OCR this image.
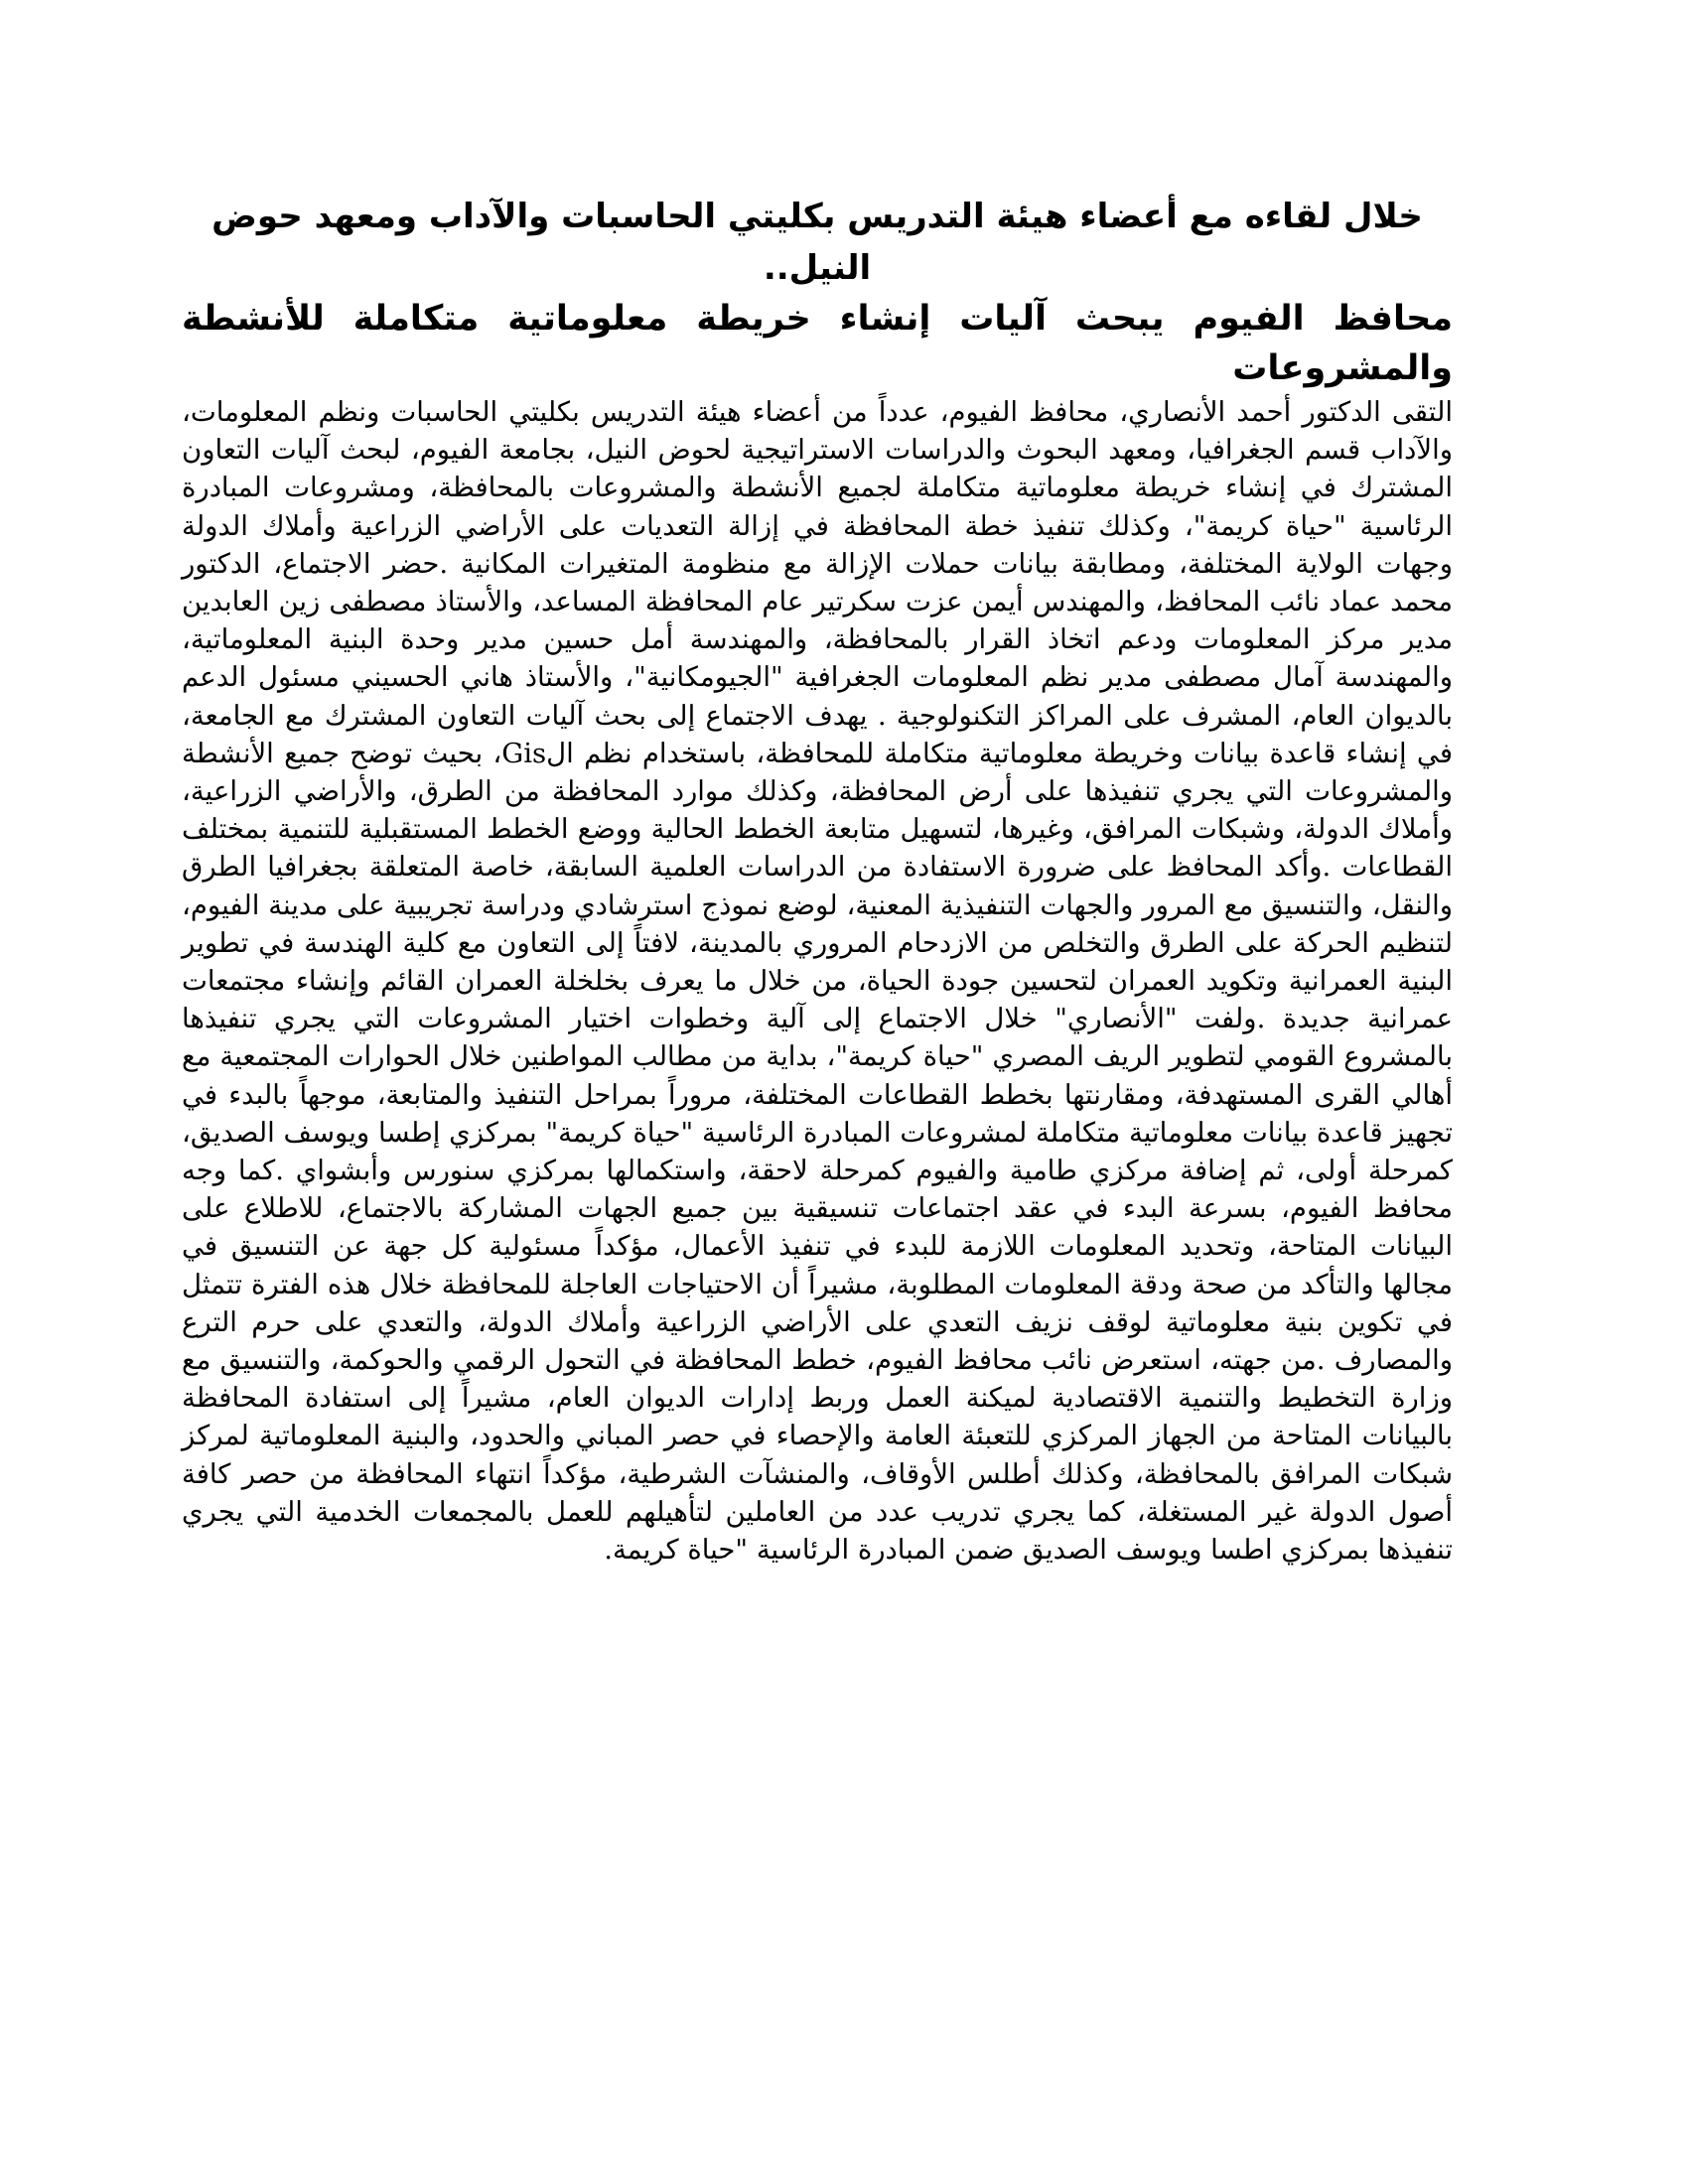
خلال لقاءه مع أعضاء هيئة التدريس بكليتي الحاسبات والآداب ومعهد حوض النيل..
محافظ الفيوم يبحث آليات إنشاء خريطة معلوماتية متكاملة للأنشطة والمشروعات

التقى الدكتور أحمد الأنصاري، محافظ الفيوم، عدداً من أعضاء هيئة التدريس بكليتي الحاسبات ونظم المعلومات، والآداب قسم الجغرافيا، ومعهد البحوث والدراسات الاستراتيجية لحوض النيل، بجامعة الفيوم، لبحث آليات التعاون المشترك في إنشاء خريطة معلوماتية متكاملة لجميع الأنشطة والمشروعات بالمحافظة، ومشروعات المبادرة الرئاسية "حياة كريمة"، وكذلك تنفيذ خطة المحافظة في إزالة التعديات على الأراضي الزراعية وأملاك الدولة وجهات الولاية المختلفة، ومطابقة بيانات حملات الإزالة مع منظومة المتغيرات المكانية .حضر الاجتماع، الدكتور محمد عماد نائب المحافظ، والمهندس أيمن عزت سكرتير عام المحافظة المساعد، والأستاذ مصطفى زين العابدين مدير مركز المعلومات ودعم اتخاذ القرار بالمحافظة، والمهندسة أمل حسين مدير وحدة البنية المعلوماتية، والمهندسة آمال مصطفى مدير نظم المعلومات الجغرافية "الجيومكانية"، والأستاذ هاني الحسيني مسئول الدعم بالديوان العام، المشرف على المراكز التكنولوجية . يهدف الاجتماع إلى بحث آليات التعاون المشترك مع الجامعة، في إنشاء قاعدة بيانات وخريطة معلوماتية متكاملة للمحافظة، باستخدام نظم الGis، بحيث توضح جميع الأنشطة والمشروعات التي يجري تنفيذها على أرض المحافظة، وكذلك موارد المحافظة من الطرق، والأراضي الزراعية، وأملاك الدولة، وشبكات المرافق، وغيرها، لتسهيل متابعة الخطط الحالية ووضع الخطط المستقبلية للتنمية بمختلف القطاعات .وأكد المحافظ على ضرورة الاستفادة من الدراسات العلمية السابقة، خاصة المتعلقة بجغرافيا الطرق والنقل، والتنسيق مع المرور والجهات التنفيذية المعنية، لوضع نموذج استرشادي ودراسة تجريبية على مدينة الفيوم، لتنظيم الحركة على الطرق والتخلص من الازدحام المروري بالمدينة، لافتاً إلى التعاون مع كلية الهندسة في تطوير البنية العمرانية وتكويد العمران لتحسين جودة الحياة، من خلال ما يعرف بخلخلة العمران القائم وإنشاء مجتمعات عمرانية جديدة .ولفت "الأنصاري" خلال الاجتماع إلى آلية وخطوات اختيار المشروعات التي يجري تنفيذها بالمشروع القومي لتطوير الريف المصري "حياة كريمة"، بداية من مطالب المواطنين خلال الحوارات المجتمعية مع أهالي القرى المستهدفة، ومقارنتها بخطط القطاعات المختلفة، مروراً بمراحل التنفيذ والمتابعة، موجهاً بالبدء في تجهيز قاعدة بيانات معلوماتية متكاملة لمشروعات المبادرة الرئاسية "حياة كريمة" بمركزي إطسا ويوسف الصديق، كمرحلة أولى، ثم إضافة مركزي طامية والفيوم كمرحلة لاحقة، واستكمالها بمركزي سنورس وأبشواي .كما وجه محافظ الفيوم، بسرعة البدء في عقد اجتماعات تنسيقية بين جميع الجهات المشاركة بالاجتماع، للاطلاع على البيانات المتاحة، وتحديد المعلومات اللازمة للبدء في تنفيذ الأعمال، مؤكداً مسئولية كل جهة عن التنسيق في مجالها والتأكد من صحة ودقة المعلومات المطلوبة، مشيراً أن الاحتياجات العاجلة للمحافظة خلال هذه الفترة تتمثل في تكوين بنية معلوماتية لوقف نزيف التعدي على الأراضي الزراعية وأملاك الدولة، والتعدي على حرم الترع والمصارف .من جهته، استعرض نائب محافظ الفيوم، خطط المحافظة في التحول الرقمي والحوكمة، والتنسيق مع وزارة التخطيط والتنمية الاقتصادية لميكنة العمل وربط إدارات الديوان العام، مشيراً إلى استفادة المحافظة بالبيانات المتاحة من الجهاز المركزي للتعبئة العامة والإحصاء في حصر المباني والحدود، والبنية المعلوماتية لمركز شبكات المرافق بالمحافظة، وكذلك أطلس الأوقاف، والمنشآت الشرطية، مؤكداً انتهاء المحافظة من حصر كافة أصول الدولة غير المستغلة، كما يجري تدريب عدد من العاملين لتأهيلهم للعمل بالمجمعات الخدمية التي يجري تنفيذها بمركزي اطسا ويوسف الصديق ضمن المبادرة الرئاسية "حياة كريمة.
